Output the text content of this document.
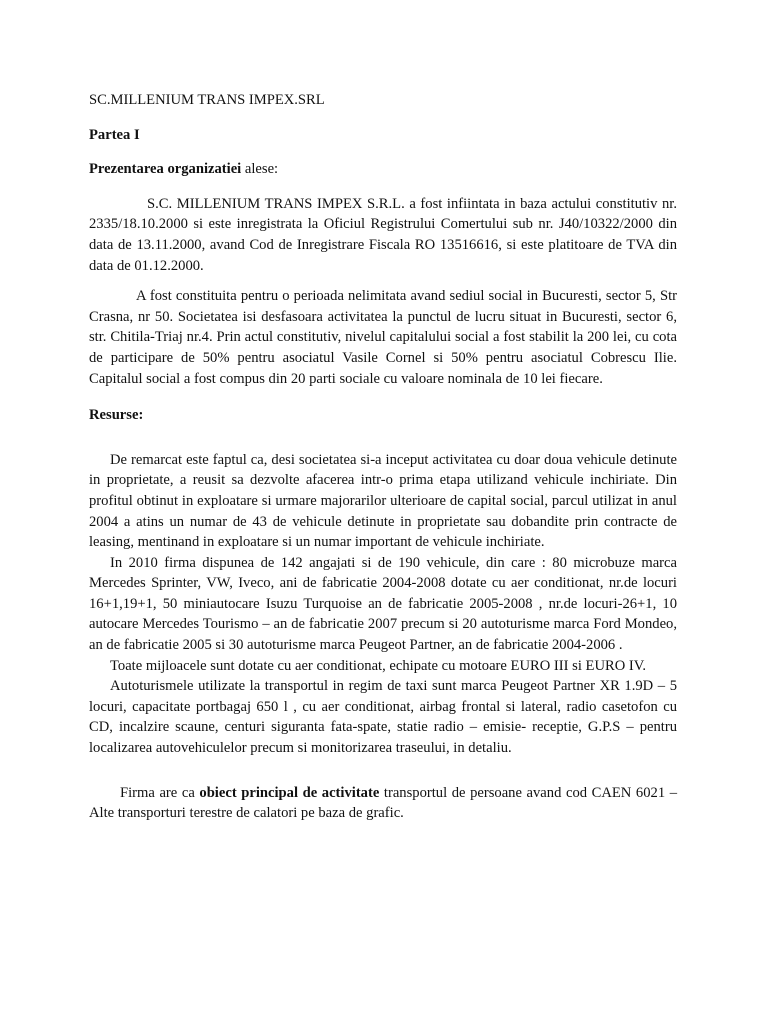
SC.MILLENIUM TRANS IMPEX.SRL

Partea I

Prezentarea organizatiei alese:

S.C. MILLENIUM TRANS IMPEX S.R.L. a fost infiintata in baza actului constitutiv nr. 2335/18.10.2000 si este inregistrata la Oficiul Registrului Comertului sub nr. J40/10322/2000 din data de 13.11.2000, avand Cod de Inregistrare Fiscala RO 13516616, si este platitoare de TVA din data de 01.12.2000.

A fost constituita pentru o perioada nelimitata avand sediul social in Bucuresti, sector 5, Str Crasna, nr 50. Societatea isi desfasoara activitatea la punctul de lucru situat in Bucuresti, sector 6, str. Chitila-Triaj nr.4. Prin actul constitutiv, nivelul capitalului social a fost stabilit la 200 lei, cu cota de participare de 50% pentru asociatul Vasile Cornel si 50% pentru asociatul Cobrescu Ilie. Capitalul social a fost compus din 20 parti sociale cu valoare nominala de 10 lei fiecare.

Resurse:

De remarcat este faptul ca, desi societatea si-a inceput activitatea cu doar doua vehicule detinute in proprietate, a reusit sa dezvolte afacerea intr-o prima etapa utilizand vehicule inchiriate. Din profitul obtinut in exploatare si urmare majorarilor ulterioare de capital social, parcul utilizat in anul 2004 a atins un numar de 43 de vehicule detinute in proprietate sau dobandite prin contracte de leasing, mentinand in exploatare si un numar important de vehicule inchiriate.

In 2010 firma dispunea de 142 angajati si de 190 vehicule, din care : 80 microbuze marca Mercedes Sprinter, VW, Iveco, ani de fabricatie 2004-2008 dotate cu aer conditionat, nr.de locuri 16+1,19+1, 50 miniautocare Isuzu Turquoise an de fabricatie 2005-2008 , nr.de locuri-26+1, 10 autocare Mercedes Tourismo – an de fabricatie 2007 precum si 20 autoturisme marca Ford Mondeo, an de fabricatie 2005 si 30 autoturisme marca Peugeot Partner, an de fabricatie 2004-2006 .

Toate mijloacele sunt dotate cu aer conditionat, echipate cu motoare EURO III si EURO IV.

Autoturismele utilizate la transportul in regim de taxi sunt marca Peugeot Partner XR 1.9D – 5 locuri, capacitate portbagaj 650 l , cu aer conditionat, airbag frontal si lateral, radio casetofon cu CD, incalzire scaune, centuri siguranta fata-spate, statie radio – emisie- receptie, G.P.S – pentru localizarea autovehiculelor precum si monitorizarea traseului, in detaliu.

Firma are ca obiect principal de activitate transportul de persoane avand cod CAEN 6021 – Alte transporturi terestre de calatori pe baza de grafic.
